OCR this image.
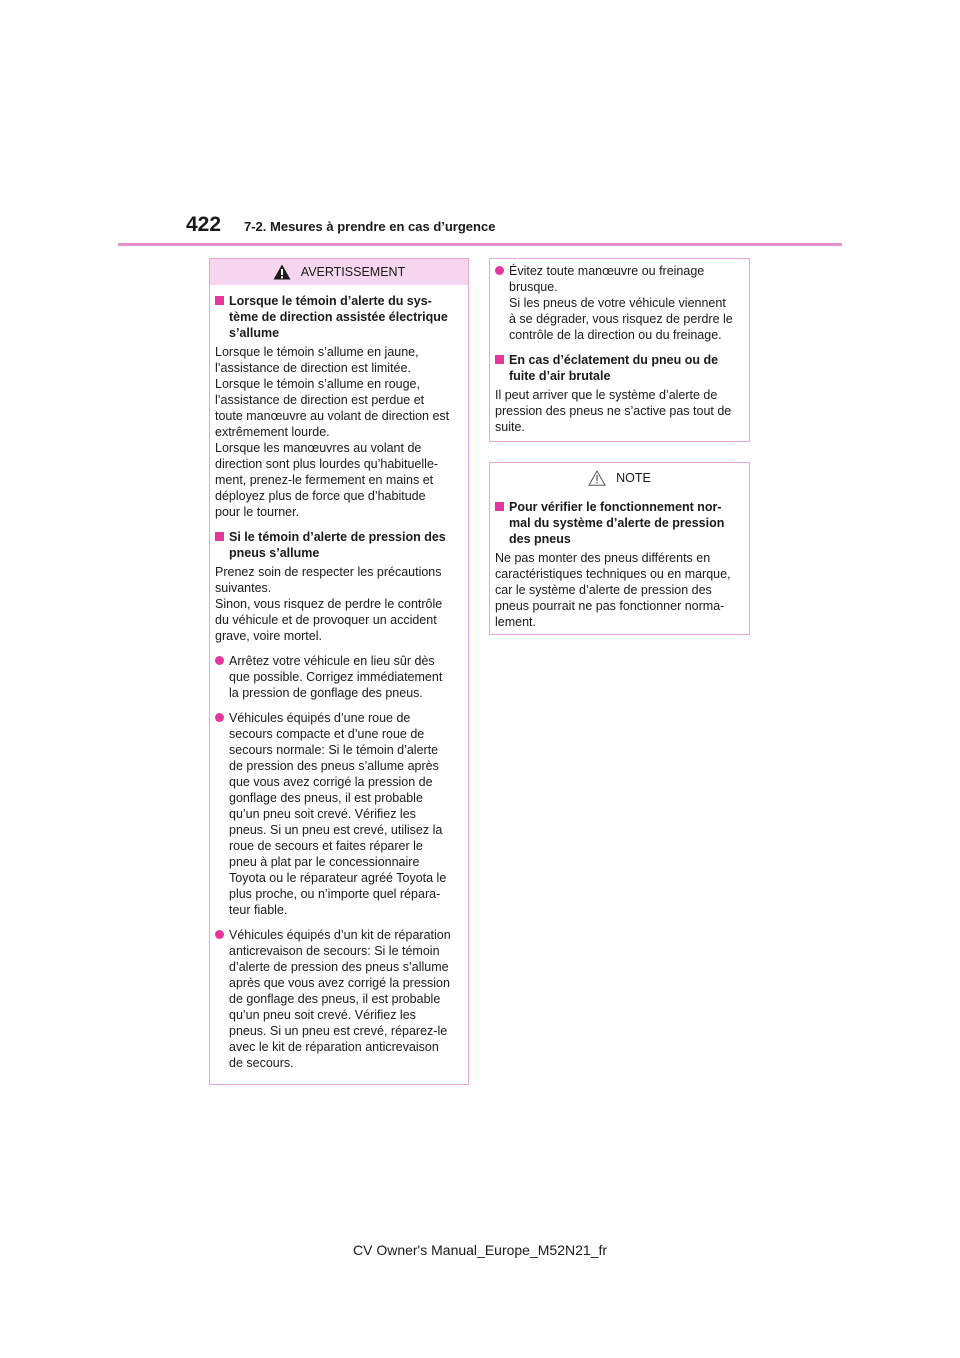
422 7-2. Mesures à prendre en cas d’urgence
AVERTISSEMENT
Lorsque le témoin d’alerte du sys-
tème de direction assistée électrique
s’allume
Lorsque le témoin s’allume en jaune,
l’assistance de direction est limitée.
Lorsque le témoin s’allume en rouge,
l’assistance de direction est perdue et
toute manœuvre au volant de direction est
extrêmement lourde.
Lorsque les manœuvres au volant de
direction sont plus lourdes qu’habituelle-
ment, prenez-le fermement en mains et
déployez plus de force que d’habitude
pour le tourner.
Si le témoin d’alerte de pression des
pneus s’allume
Prenez soin de respecter les précautions
suivantes.
Sinon, vous risquez de perdre le contrôle
du véhicule et de provoquer un accident
grave, voire mortel.
Arrêtez votre véhicule en lieu sûr dès
que possible. Corrigez immédiatement
la pression de gonflage des pneus.
Véhicules équipés d’une roue de
secours compacte et d’une roue de
secours normale: Si le témoin d’alerte
de pression des pneus s’allume après
que vous avez corrigé la pression de
gonflage des pneus, il est probable
qu’un pneu soit crevé. Vérifiez les
pneus. Si un pneu est crevé, utilisez la
roue de secours et faites réparer le
pneu à plat par le concessionnaire
Toyota ou le réparateur agréé Toyota le
plus proche, ou n’importe quel répara-
teur fiable.
Véhicules équipés d’un kit de réparation
anticrevaison de secours: Si le témoin
d’alerte de pression des pneus s’allume
après que vous avez corrigé la pression
de gonflage des pneus, il est probable
qu’un pneu soit crevé. Vérifiez les
pneus. Si un pneu est crevé, réparez-le
avec le kit de réparation anticrevaison
de secours.
Évitez toute manœuvre ou freinage
brusque.
Si les pneus de votre véhicule viennent
à se dégrader, vous risquez de perdre le
contrôle de la direction ou du freinage.
En cas d’éclatement du pneu ou de
fuite d’air brutale
Il peut arriver que le système d’alerte de
pression des pneus ne s’active pas tout de
suite.
NOTE
Pour vérifier le fonctionnement nor-
mal du système d’alerte de pression
des pneus
Ne pas monter des pneus différents en
caractéristiques techniques ou en marque,
car le système d’alerte de pression des
pneus pourrait ne pas fonctionner norma-
lement.
CV Owner's Manual_Europe_M52N21_fr
